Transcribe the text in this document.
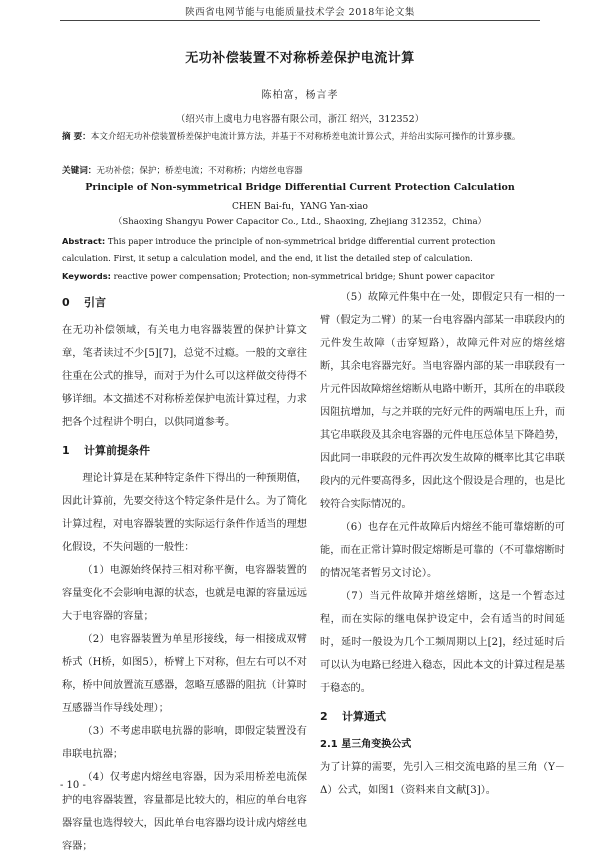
陕西省电网节能与电能质量技术学会 2018年论文集
无功补偿装置不对称桥差保护电流计算
陈柏富，杨言孝
（绍兴市上虞电力电容器有限公司，浙江 绍兴，312352）
摘 要：本文介绍无功补偿装置桥差保护电流计算方法，并基于不对称桥差电流计算公式，并给出实际可操作的计算步骤。
关键词：无功补偿；保护；桥差电流；不对称桥；内熔丝电容器
Principle of Non-symmetrical Bridge Differential Current Protection Calculation
CHEN Bai-fu，YANG Yan-xiao
（Shaoxing Shangyu Power Capacitor Co., Ltd., Shaoxing, Zhejiang 312352，China）
Abstract: This paper introduce the principle of non-symmetrical bridge differential current protection calculation. First, it setup a calculation model, and the end, it list the detailed step of calculation.
Keywords: reactive power compensation; Protection; non-symmetrical bridge; Shunt power capacitor
0 引言

在无功补偿领域，有关电力电容器装置的保护计算文章，笔者读过不少[5][7]，总觉不过瘾。一般的文章往往重在公式的推导，而对于为什么可以这样做交待得不够详细。本文描述不对称桥差保护电流计算过程，力求把各个过程讲个明白，以供同道参考。

1 计算前提条件

理论计算是在某种特定条件下得出的一种预期值，因此计算前，先要交待这个特定条件是什么。为了简化计算过程，对电容器装置的实际运行条件作适当的理想化假设，不失问题的一般性：

（1）电源始终保持三相对称平衡，电容器装置的容量变化不会影响电源的状态，也就是电源的容量远远大于电容器的容量；

（2）电容器装置为单星形接线，每一相接成双臂桥式（H桥，如图5），桥臂上下对称，但左右可以不对称，桥中间放置流互感器，忽略互感器的阻抗（计算时互感器当作导线处理）；

（3）不考虑串联电抗器的影响，即假定装置没有串联电抗器；

（4）仅考虑内熔丝电容器，因为采用桥差电流保护的电容器装置，容量都是比较大的，相应的单台电容器容量也选得较大，因此单台电容器均设计成内熔丝电容器；

（5）故障元件集中在一处，即假定只有一相的一臂（假定为二臂）的某一台电容器内部某一串联段内的元件发生故障（击穿短路），故障元件对应的熔丝熔断，其余电容器完好。当电容器内部的某一串联段有一片元件因故障熔丝熔断从电路中断开，其所在的串联段因阻抗增加，与之并联的完好元件的两端电压上升，而其它串联段及其余电容器的元件电压总体呈下降趋势，因此同一串联段的元件再次发生故障的概率比其它串联段内的元件要高得多，因此这个假设是合理的，也是比较符合实际情况的。

（6）也存在元件故障后内熔丝不能可靠熔断的可能，而在正常计算时假定熔断是可靠的（不可靠熔断时的情况笔者暂另文讨论）。

（7）当元件故障并熔丝熔断，这是一个暂态过程，而在实际的继电保护设定中，会有适当的时间延时，延时一般设为几个工频周期以上[2]，经过延时后可以认为电路已经进入稳态，因此本文的计算过程是基于稳态的。

2 计算通式
2.1 星三角变换公式

为了计算的需要，先引入三相交流电路的星三角（Y－Δ）公式，如图1（资料来自文献[3]）。

- 10 -
